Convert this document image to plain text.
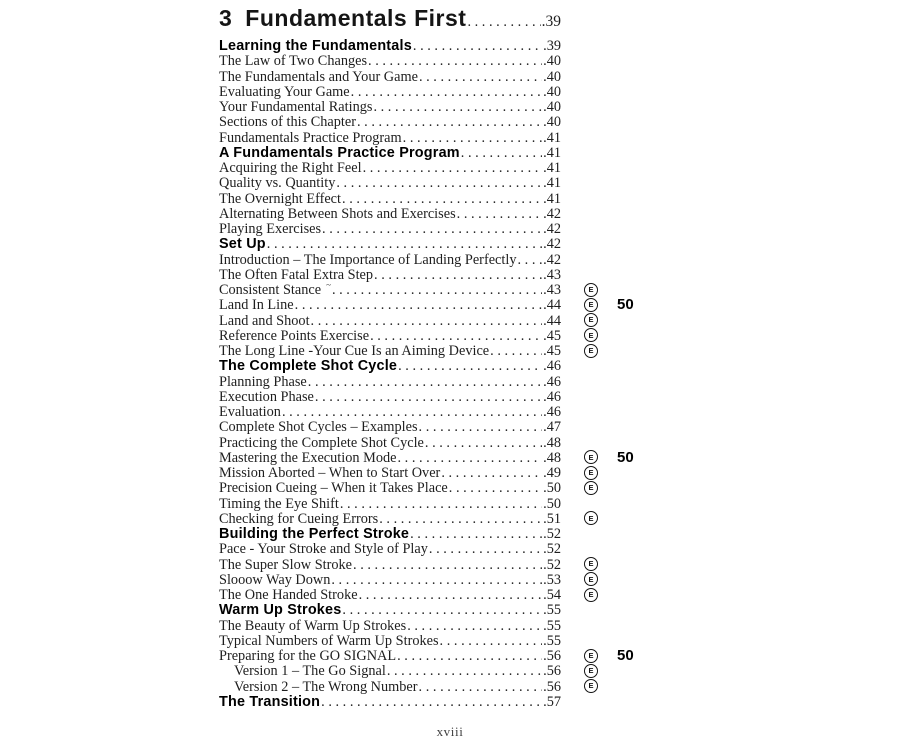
3 Fundamentals First .....	. 39
Learning the Fundamentals .....	. 39
The Law of Two Changes .....	. 40
The Fundamentals and Your Game .....	. 40
Evaluating Your Game .....	. 40
Your Fundamental Ratings .....	. 40
Sections of this Chapter .....	. 40
Fundamentals Practice Program .....	. 41
A Fundamentals Practice Program .....	. 41
Acquiring the Right Feel .....	. 41
Quality vs. Quantity .....	. 41
The Overnight Effect .....	. 41
Alternating Between Shots and Exercises .....	. 42
Playing Exercises .....	. 42
Set Up .....	. 42
Introduction – The Importance of Landing Perfectly ..... . 42
The Often Fatal Extra Step .....	. 43
Consistent Stance ~ .....	. 43	E
Land In Line .....	. 44	E	50
Land and Shoot .....	. 44	E
Reference Points Exercise .....	. 45	E
The Long Line -Your Cue Is an Aiming Device .....	. 45	E
The Complete Shot Cycle .....	. 46
Planning Phase .....	. 46
Execution Phase .....	. 46
Evaluation .....	. 46
Complete Shot Cycles – Examples .....	. 47
Practicing the Complete Shot Cycle .....	. 48
Mastering the Execution Mode .....	. 48	E	50
Mission Aborted – When to Start Over .....	. 49	E
Precision Cueing – When it Takes Place .....	. 50	E
Timing the Eye Shift .....	. 50
Checking for Cueing Errors .....	. 51	E
Building the Perfect Stroke .....	. 52
Pace - Your Stroke and Style of Play .....	. 52
The Super Slow Stroke .....	. 52	E
Slooow Way Down .....	. 53	E
The One Handed Stroke .....	. 54	E
Warm Up Strokes .....	. 55
The Beauty of Warm Up Strokes .....	. 55
Typical Numbers of Warm Up Strokes .....	. 55
Preparing for the GO SIGNAL .....	. 56	E	50
Version 1 – The Go Signal .....	. 56	E
Version 2 – The Wrong Number .....	. 56	E
The Transition .....	. 57
xviii
